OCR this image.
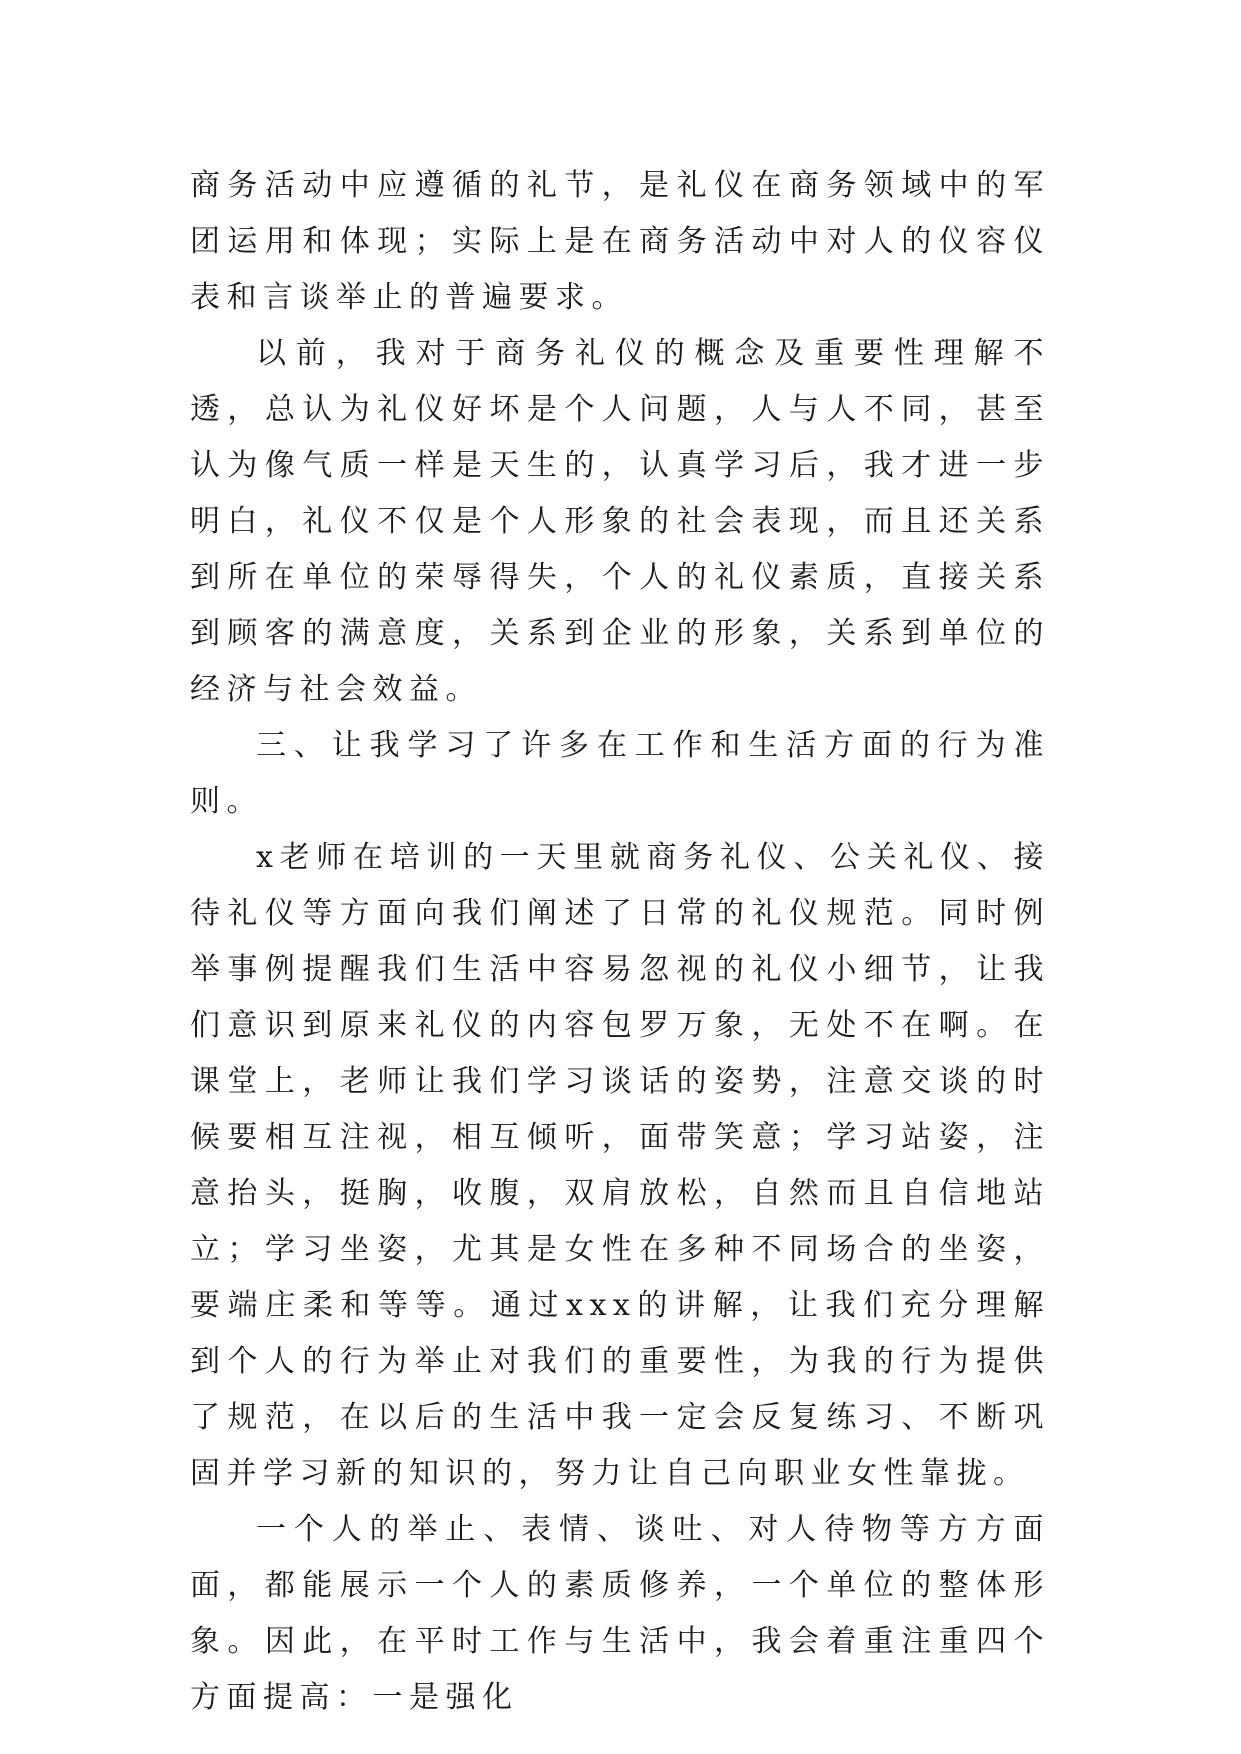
商务活动中应遵循的礼节，是礼仪在商务领域中的军团运用和体现；实际上是在商务活动中对人的仪容仪表和言谈举止的普遍要求。

以前，我对于商务礼仪的概念及重要性理解不透，总认为礼仪好坏是个人问题，人与人不同，甚至认为像气质一样是天生的，认真学习后，我才进一步明白，礼仪不仅是个人形象的社会表现，而且还关系到所在单位的荣辱得失，个人的礼仪素质，直接关系到顾客的满意度，关系到企业的形象，关系到单位的经济与社会效益。

三、让我学习了许多在工作和生活方面的行为准则。

x老师在培训的一天里就商务礼仪、公关礼仪、接待礼仪等方面向我们阐述了日常的礼仪规范。同时例举事例提醒我们生活中容易忽视的礼仪小细节，让我们意识到原来礼仪的内容包罗万象，无处不在啊。在课堂上，老师让我们学习谈话的姿势，注意交谈的时候要相互注视，相互倾听，面带笑意；学习站姿，注意抬头，挺胸，收腹，双肩放松，自然而且自信地站立；学习坐姿，尤其是女性在多种不同场合的坐姿，要端庄柔和等等。通过xxx的讲解，让我们充分理解到个人的行为举止对我们的重要性，为我的行为提供了规范，在以后的生活中我一定会反复练习、不断巩固并学习新的知识的，努力让自己向职业女性靠拢。

一个人的举止、表情、谈吐、对人待物等方方面面，都能展示一个人的素质修养，一个单位的整体形象。因此，在平时工作与生活中，我会着重注重四个方面提高：一是强化
